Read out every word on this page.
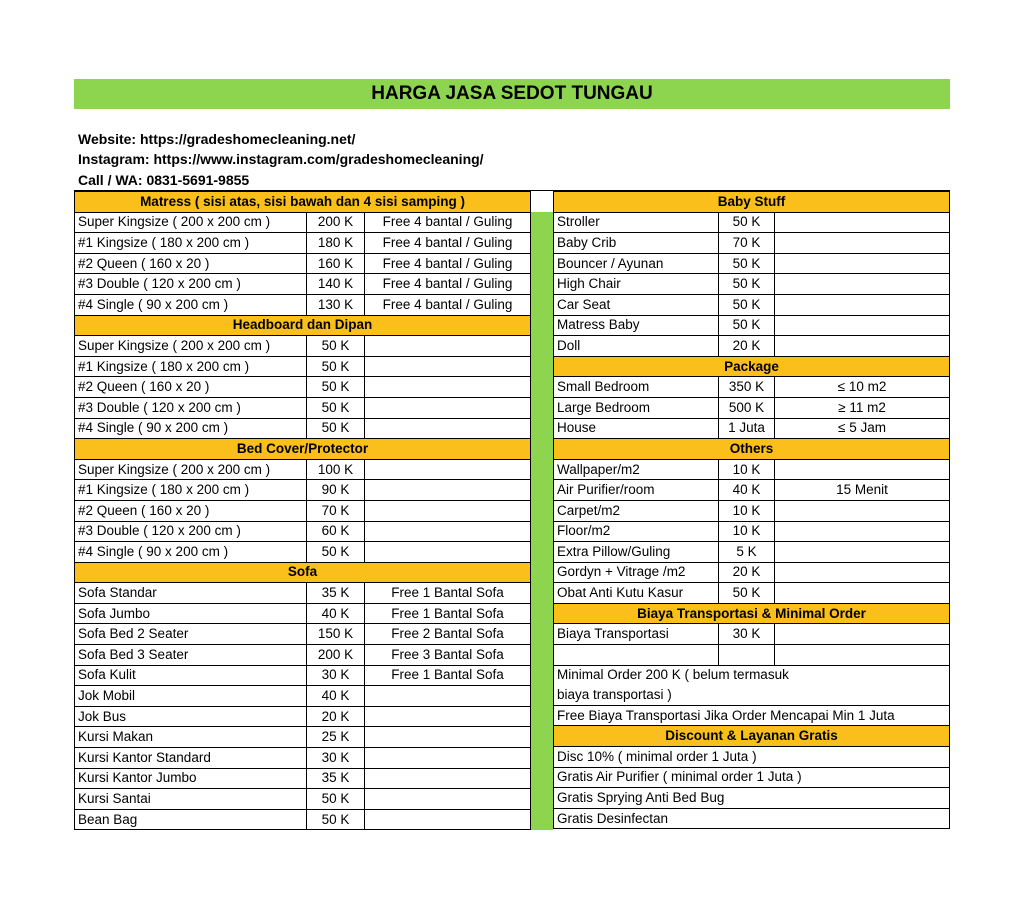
HARGA JASA SEDOT TUNGAU
Website: https://gradeshomecleaning.net/
Instagram: https://www.instagram.com/gradeshomecleaning/
Call / WA: 0831-5691-9855
Matress ( sisi atas, sisi bawah dan 4 sisi samping )		
Super Kingsize ( 200 x 200 cm )	200 K	Free 4 bantal / Guling
#1 Kingsize ( 180 x 200 cm )	180 K	Free 4 bantal / Guling
#2 Queen ( 160 x 20 )	160 K	Free 4 bantal / Guling
#3 Double ( 120 x 200 cm )	140 K	Free 4 bantal / Guling
#4 Single ( 90 x 200 cm )	130 K	Free 4 bantal / Guling
Headboard dan Dipan		
Super Kingsize ( 200 x 200 cm )	50 K	
#1 Kingsize ( 180 x 200 cm )	50 K	
#2 Queen ( 160 x 20 )	50 K	
#3 Double ( 120 x 200 cm )	50 K	
#4 Single ( 90 x 200 cm )	50 K	
Bed Cover/Protector		
Super Kingsize ( 200 x 200 cm )	100 K	
#1 Kingsize ( 180 x 200 cm )	90 K	
#2 Queen ( 160 x 20 )	70 K	
#3 Double ( 120 x 200 cm )	60 K	
#4 Single ( 90 x 200 cm )	50 K	
Sofa		
Sofa Standar	35 K	Free 1 Bantal Sofa
Sofa Jumbo	40 K	Free 1 Bantal Sofa
Sofa Bed 2 Seater	150 K	Free 2 Bantal Sofa
Sofa Bed 3 Seater	200 K	Free 3 Bantal Sofa
Sofa Kulit	30 K	Free 1 Bantal Sofa
Jok Mobil	40 K	
Jok Bus	20 K	
Kursi Makan	25 K	
Kursi Kantor Standard	30 K	
Kursi Kantor Jumbo	35 K	
Kursi Santai	50 K	
Bean Bag	50 K	
Baby Stuff		
Stroller	50 K	
Baby Crib	70 K	
Bouncer / Ayunan	50 K	
High Chair	50 K	
Car Seat	50 K	
Matress Baby	50 K	
Doll	20 K	
Package		
Small Bedroom	350 K	≤ 10 m2
Large Bedroom	500 K	≥ 11 m2
House	1 Juta	≤ 5 Jam
Others		
Wallpaper/m2	10 K	
Air Purifier/room	40 K	15 Menit
Carpet/m2	10 K	
Floor/m2	10 K	
Extra Pillow/Guling	5 K	
Gordyn + Vitrage /m2	20 K	
Obat Anti Kutu Kasur	50 K	
Biaya Transportasi & Minimal Order		
Biaya Transportasi	30 K	

Minimal Order 200 K ( belum termasuk		
biaya transportasi )		
Free Biaya Transportasi Jika Order Mencapai Min 1 Juta		
Discount & Layanan Gratis		
Disc 10% ( minimal order 1 Juta )		
Gratis Air Purifier ( minimal order 1 Juta )		
Gratis Sprying Anti Bed Bug		
Gratis Desinfectan		
